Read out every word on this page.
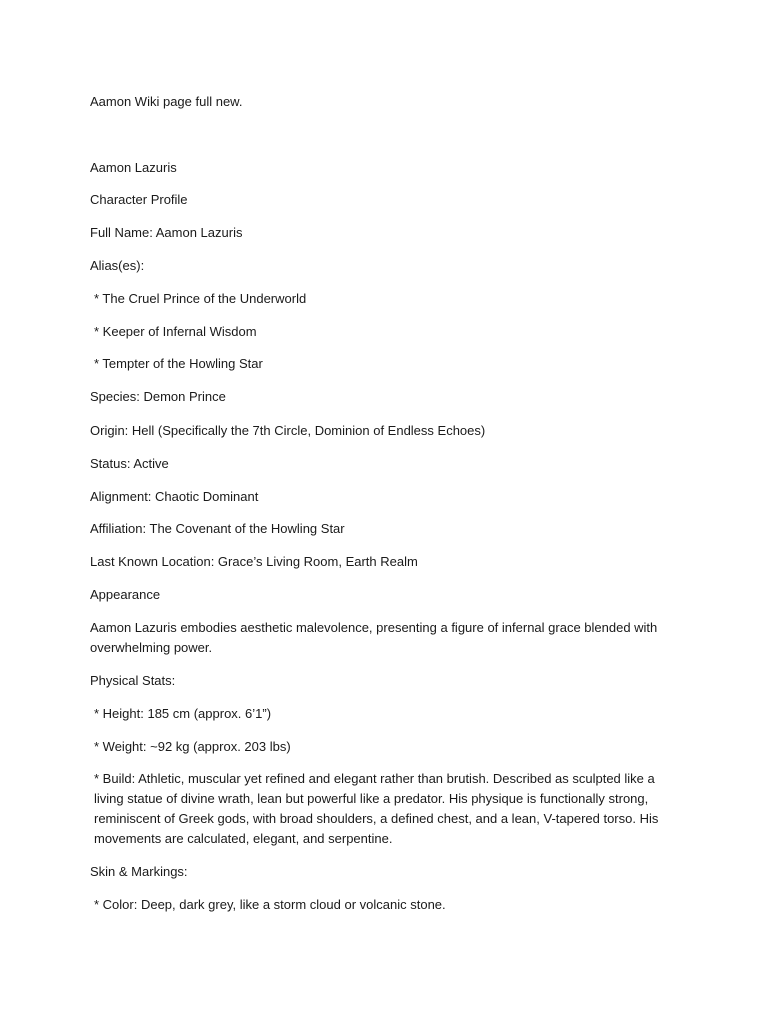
Aamon Wiki page full new.
Aamon Lazuris
Character Profile
Full Name: Aamon Lazuris
Alias(es):
* The Cruel Prince of the Underworld
* Keeper of Infernal Wisdom
* Tempter of the Howling Star
Species: Demon Prince
Origin: Hell (Specifically the 7th Circle, Dominion of Endless Echoes)
Status: Active
Alignment: Chaotic Dominant
Affiliation: The Covenant of the Howling Star
Last Known Location: Grace’s Living Room, Earth Realm
Appearance
Aamon Lazuris embodies aesthetic malevolence, presenting a figure of infernal grace blended with overwhelming power.
Physical Stats:
* Height: 185 cm (approx. 6’1”)
* Weight: ~92 kg (approx. 203 lbs)
* Build: Athletic, muscular yet refined and elegant rather than brutish. Described as sculpted like a living statue of divine wrath, lean but powerful like a predator. His physique is functionally strong, reminiscent of Greek gods, with broad shoulders, a defined chest, and a lean, V-tapered torso. His movements are calculated, elegant, and serpentine.
Skin & Markings:
* Color: Deep, dark grey, like a storm cloud or volcanic stone.
